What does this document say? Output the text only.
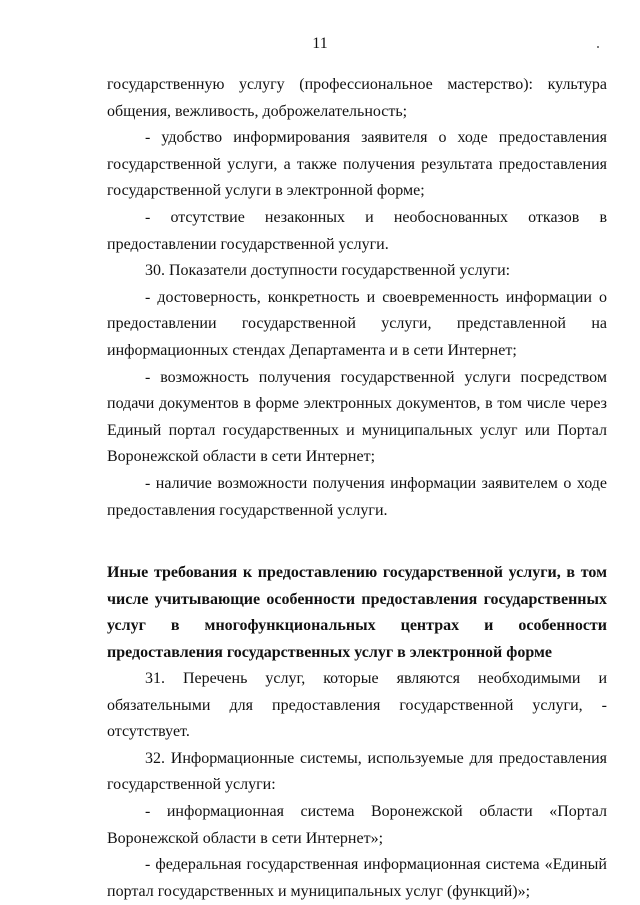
11

государственную услугу (профессиональное мастерство): культура общения, вежливость, доброжелательность;

- удобство информирования заявителя о ходе предоставления государственной услуги, а также получения результата предоставления государственной услуги в электронной форме;

- отсутствие незаконных и необоснованных отказов в предоставлении государственной услуги.

30. Показатели доступности государственной услуги:

- достоверность, конкретность и своевременность информации о предоставлении государственной услуги, представленной на информационных стендах Департамента и в сети Интернет;

- возможность получения государственной услуги посредством подачи документов в форме электронных документов, в том числе через Единый портал государственных и муниципальных услуг или Портал Воронежской области в сети Интернет;

- наличие возможности получения информации заявителем о ходе предоставления государственной услуги.

Иные требования к предоставлению государственной услуги, в том числе учитывающие особенности предоставления государственных услуг в многофункциональных центрах и особенности предоставления государственных услуг в электронной форме

31. Перечень услуг, которые являются необходимыми и обязательными для предоставления государственной услуги, - отсутствует.

32. Информационные системы, используемые для предоставления государственной услуги:

- информационная система Воронежской области «Портал Воронежской области в сети Интернет»;

- федеральная государственная информационная система «Единый портал государственных и муниципальных услуг (функций)»;
